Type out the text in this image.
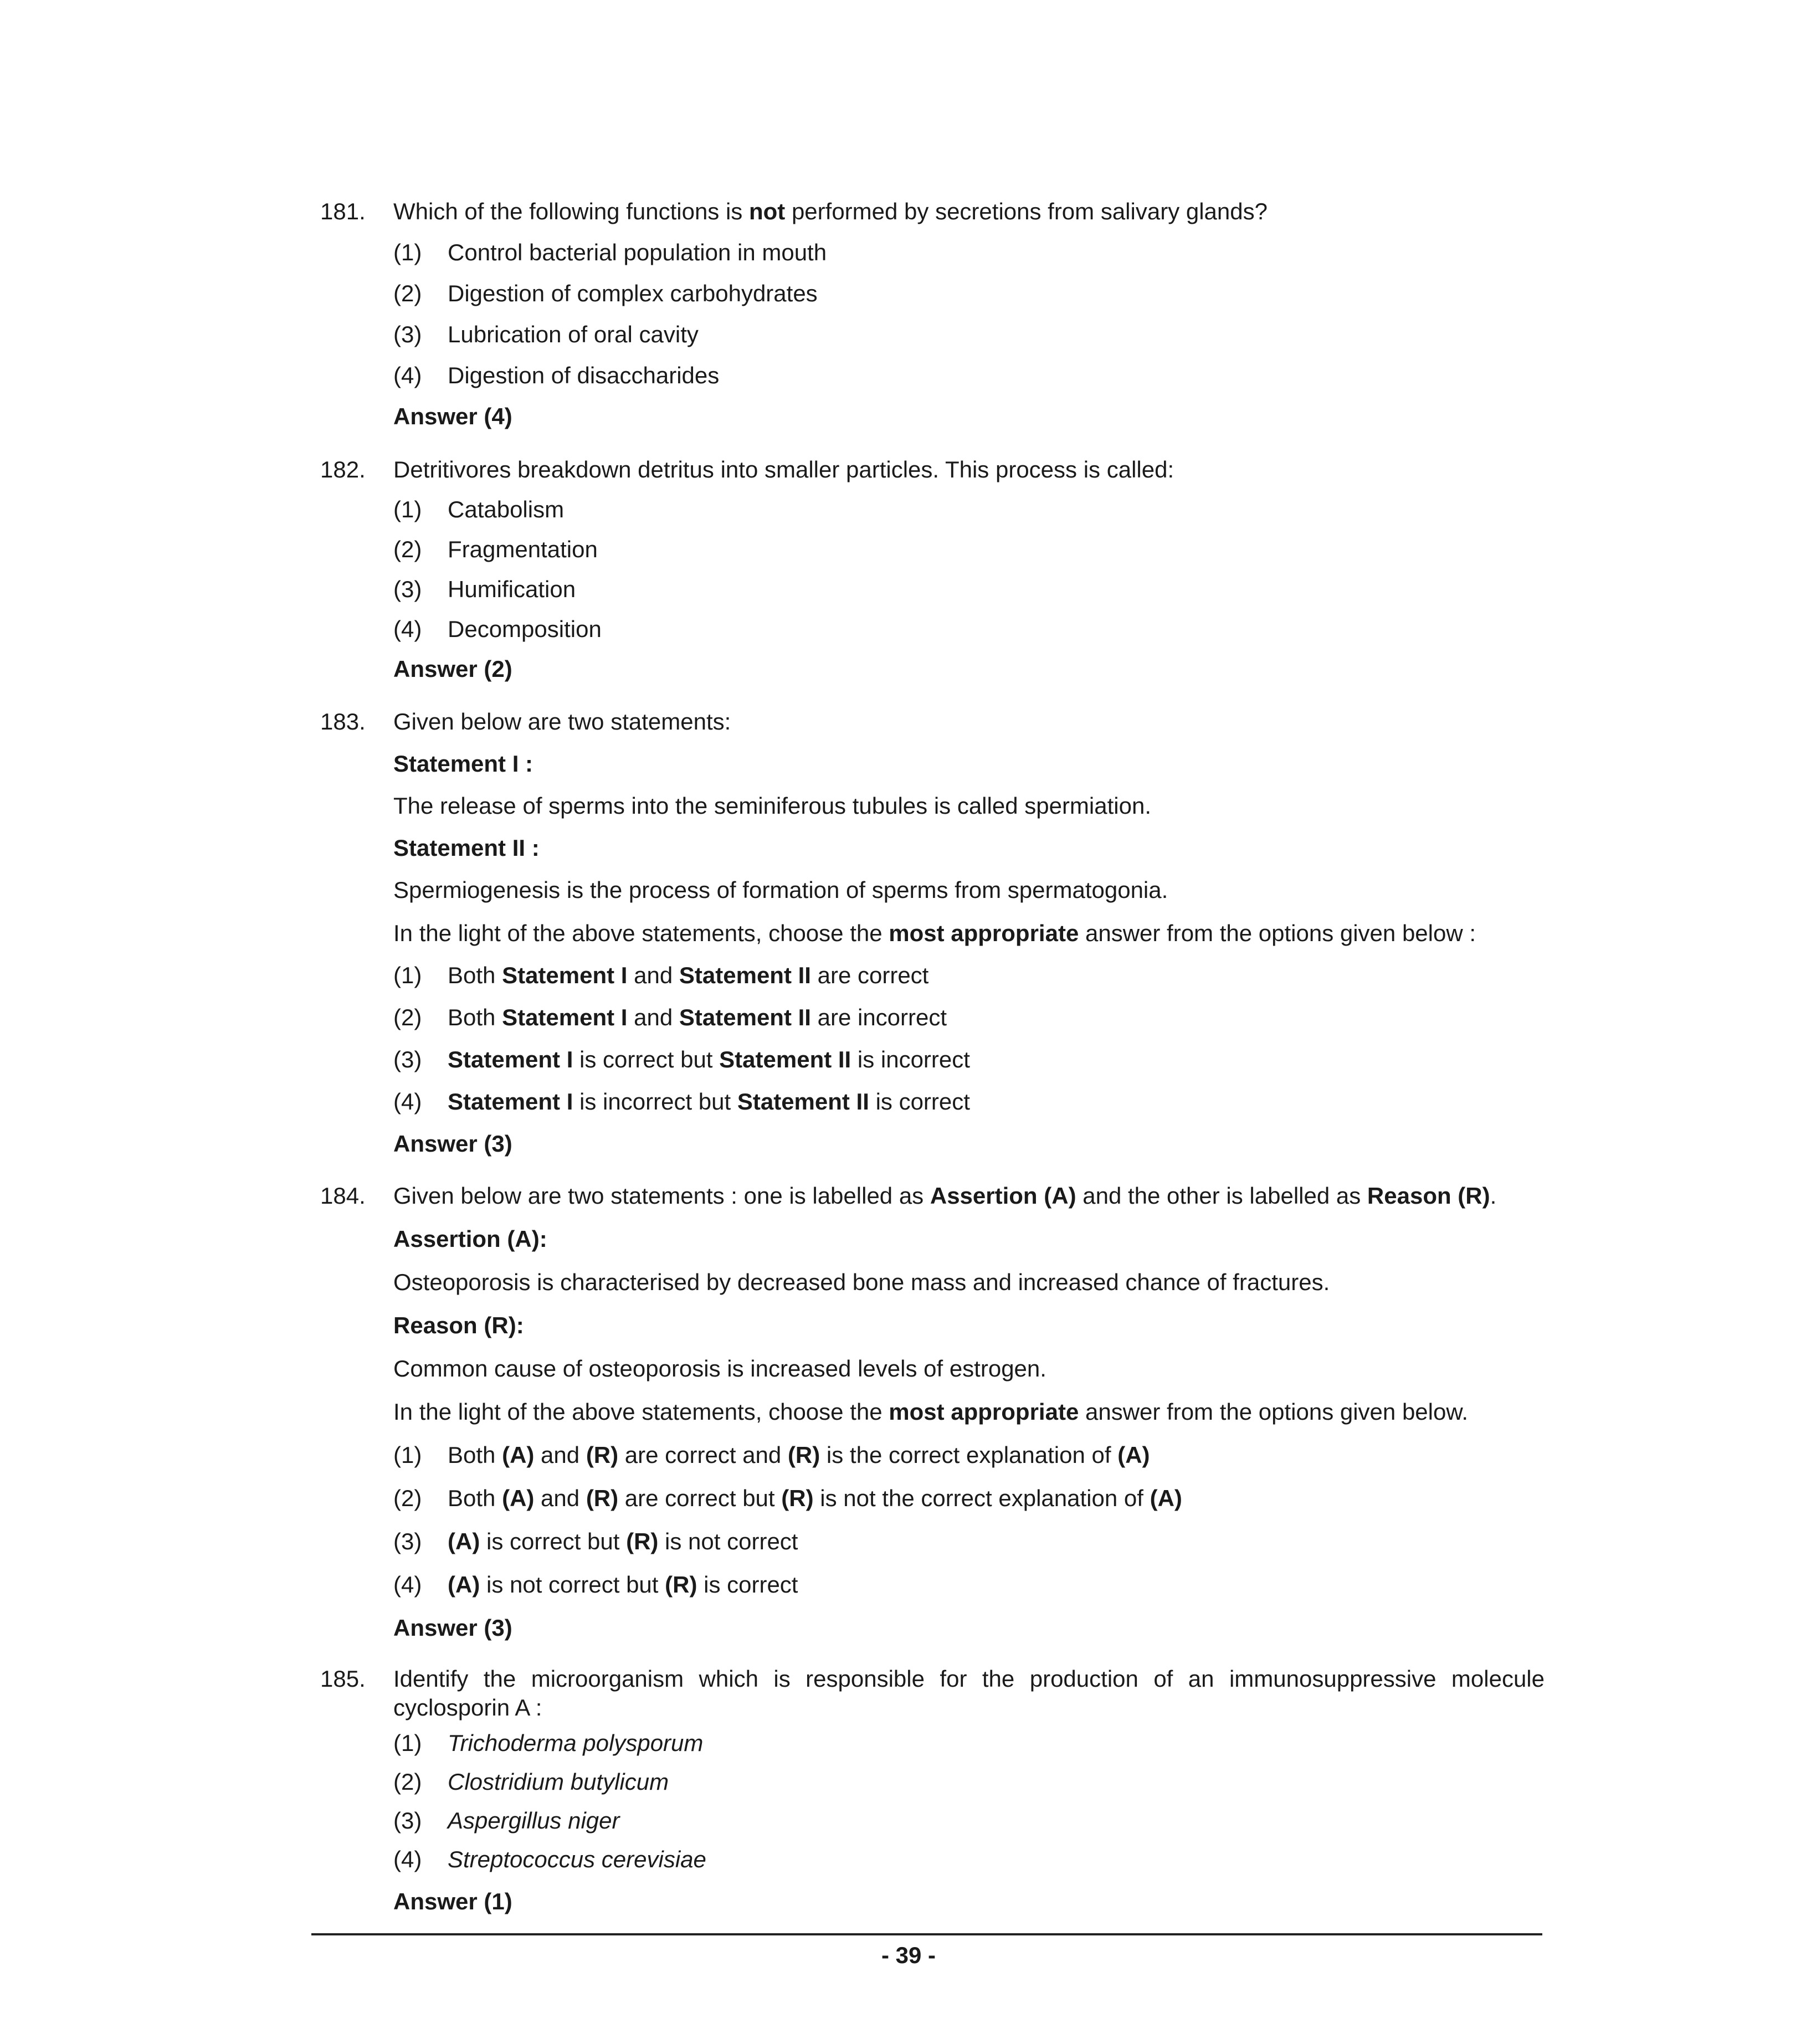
181. Which of the following functions is not performed by secretions from salivary glands?
(1)	Control bacterial population in mouth
(2)	Digestion of complex carbohydrates
(3)	Lubrication of oral cavity
(4)	Digestion of disaccharides
Answer (4)
182. Detritivores breakdown detritus into smaller particles. This process is called:
(1)	Catabolism
(2)	Fragmentation
(3)	Humification
(4)	Decomposition
Answer (2)
183. Given below are two statements:
Statement I :
The release of sperms into the seminiferous tubules is called spermiation.
Statement II :
Spermiogenesis is the process of formation of sperms from spermatogonia.
In the light of the above statements, choose the most appropriate answer from the options given below :
(1)	Both Statement I and Statement II are correct
(2)	Both Statement I and Statement II are incorrect
(3)	Statement I is correct but Statement II is incorrect
(4)	Statement I is incorrect but Statement II is correct
Answer (3)
184. Given below are two statements : one is labelled as Assertion (A) and the other is labelled as Reason (R).
Assertion (A):
Osteoporosis is characterised by decreased bone mass and increased chance of fractures.
Reason (R):
Common cause of osteoporosis is increased levels of estrogen.
In the light of the above statements, choose the most appropriate answer from the options given below.
(1)	Both (A) and (R) are correct and (R) is the correct explanation of (A)
(2)	Both (A) and (R) are correct but (R) is not the correct explanation of (A)
(3)	(A) is correct but (R) is not correct
(4)	(A) is not correct but (R) is correct
Answer (3)
185. Identify the microorganism which is responsible for the production of an immunosuppressive molecule cyclosporin A :
(1)	Trichoderma polysporum
(2)	Clostridium butylicum
(3)	Aspergillus niger
(4)	Streptococcus cerevisiae
Answer (1)
- 39 -
